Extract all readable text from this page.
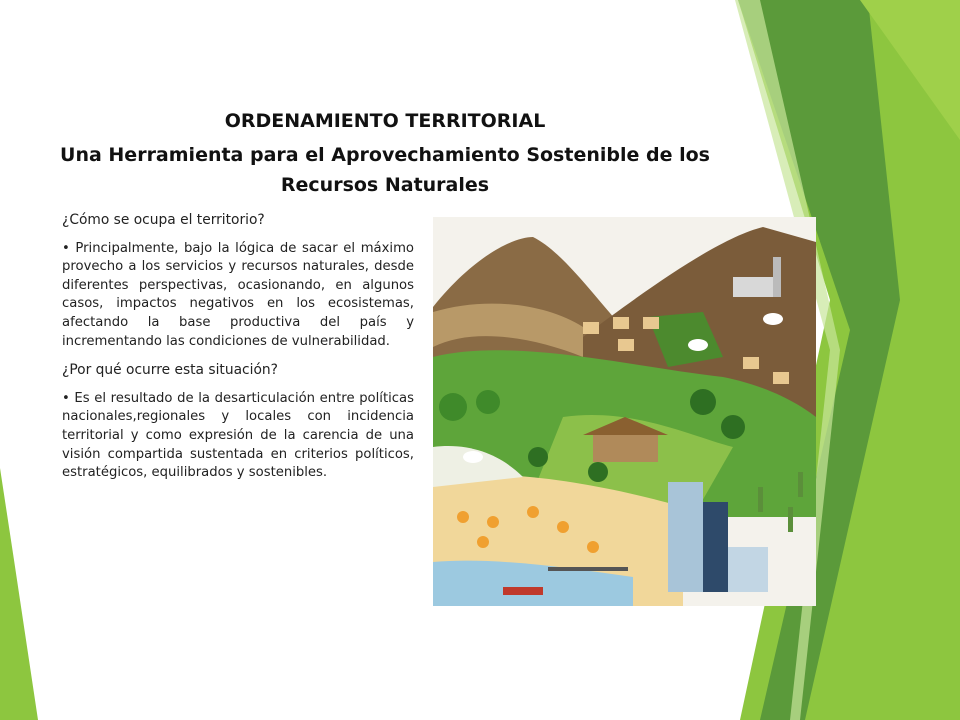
ORDENAMIENTO TERRITORIAL
Una Herramienta para el Aprovechamiento Sostenible de los Recursos Naturales

¿Cómo se ocupa el territorio?

• Principalmente, bajo la lógica de sacar el máximo provecho a los servicios y recursos naturales, desde diferentes perspectivas, ocasionando, en algunos casos, impactos negativos en los ecosistemas, afectando la base productiva del país y incrementando las condiciones de vulnerabilidad.

¿Por qué ocurre esta situación?

• Es el resultado de la desarticulación entre políticas nacionales,regionales y locales con incidencia territorial y como expresión de la carencia de una visión compartida sustentada en criterios políticos, estratégicos, equilibrados y sostenibles.
